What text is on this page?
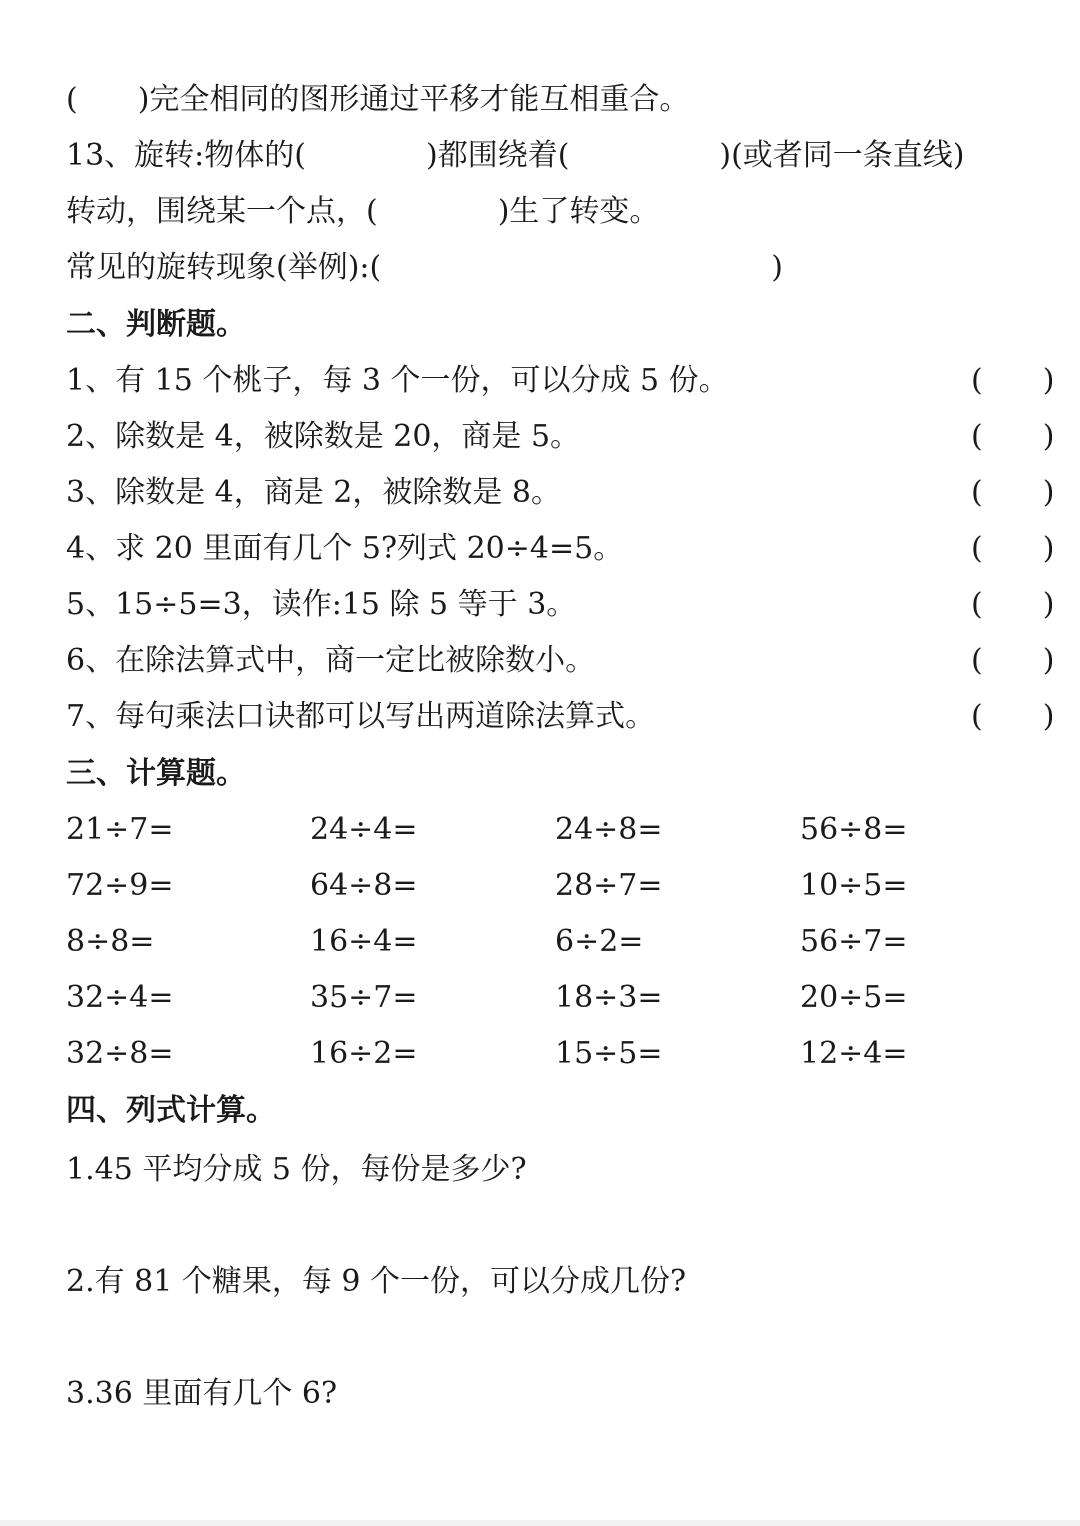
(　　)完全相同的图形通过平移才能互相重合。
13、旋转:物体的(　　　　)都围绕着(　　　　　)(或者同一条直线)
转动，围绕某一个点，(　　　　)生了转变。
常见的旋转现象(举例):(　　　　　　　　　　　　　)
二、判断题。
1、有 15 个桃子，每 3 个一份，可以分成 5 份。	(　　)
2、除数是 4，被除数是 20，商是 5。	(　　)
3、除数是 4，商是 2，被除数是 8。	(　　)
4、求 20 里面有几个 5?列式 20÷4=5。	(　　)
5、15÷5=3，读作:15 除 5 等于 3。	(　　)
6、在除法算式中，商一定比被除数小。	(　　)
7、每句乘法口诀都可以写出两道除法算式。	(　　)
三、计算题。
21÷7=	24÷4=	24÷8=	56÷8=
72÷9=	64÷8=	28÷7=	10÷5=
8÷8=	16÷4=	6÷2=	56÷7=
32÷4=	35÷7=	18÷3=	20÷5=
32÷8=	16÷2=	15÷5=	12÷4=
四、列式计算。
1.45 平均分成 5 份，每份是多少?
2.有 81 个糖果，每 9 个一份，可以分成几份?
3.36 里面有几个 6?
